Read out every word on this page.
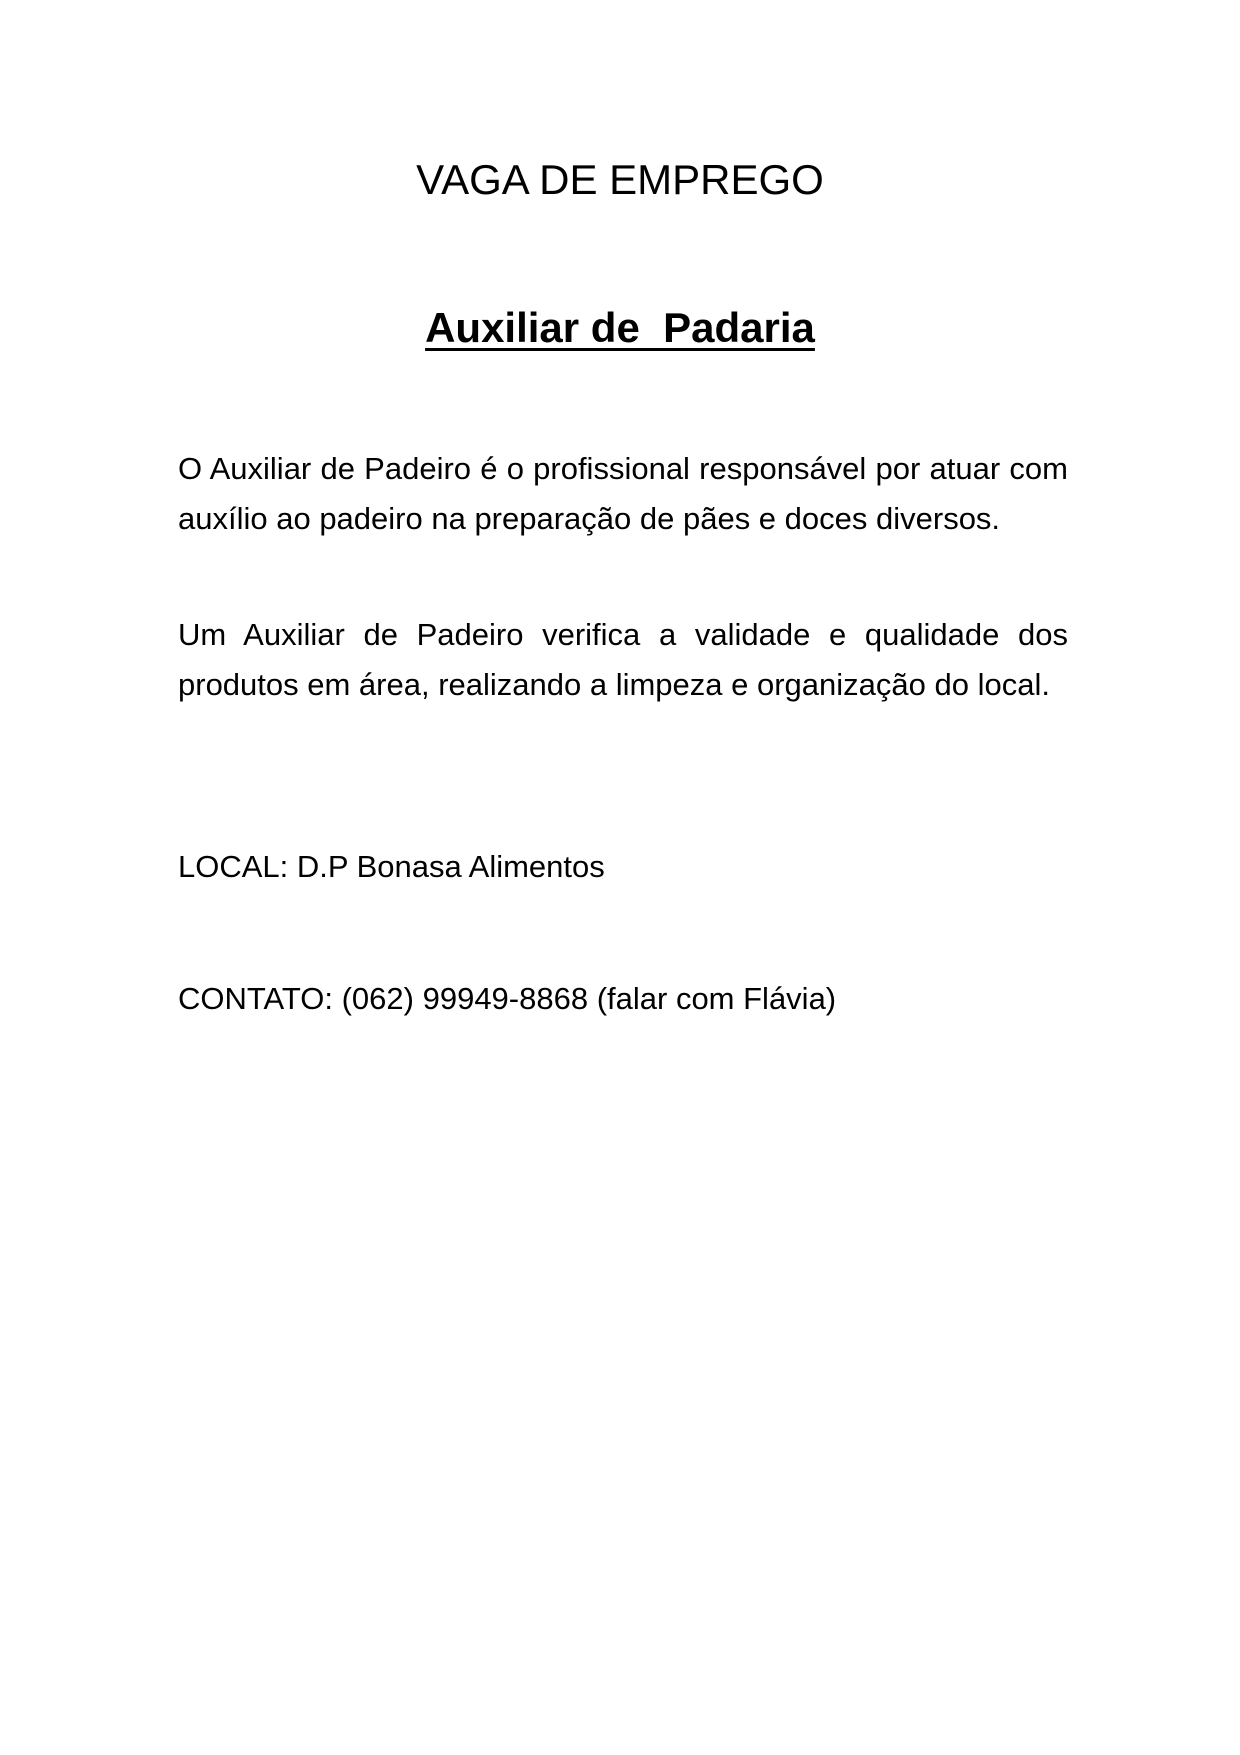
VAGA DE EMPREGO
Auxiliar de  Padaria

O Auxiliar de Padeiro é o profissional responsável por atuar com auxílio ao padeiro na preparação de pães e doces diversos.

Um Auxiliar de Padeiro verifica a validade e qualidade dos produtos em área, realizando a limpeza e organização do local.

LOCAL: D.P Bonasa Alimentos

CONTATO: (062) 99949-8868 (falar com Flávia)
